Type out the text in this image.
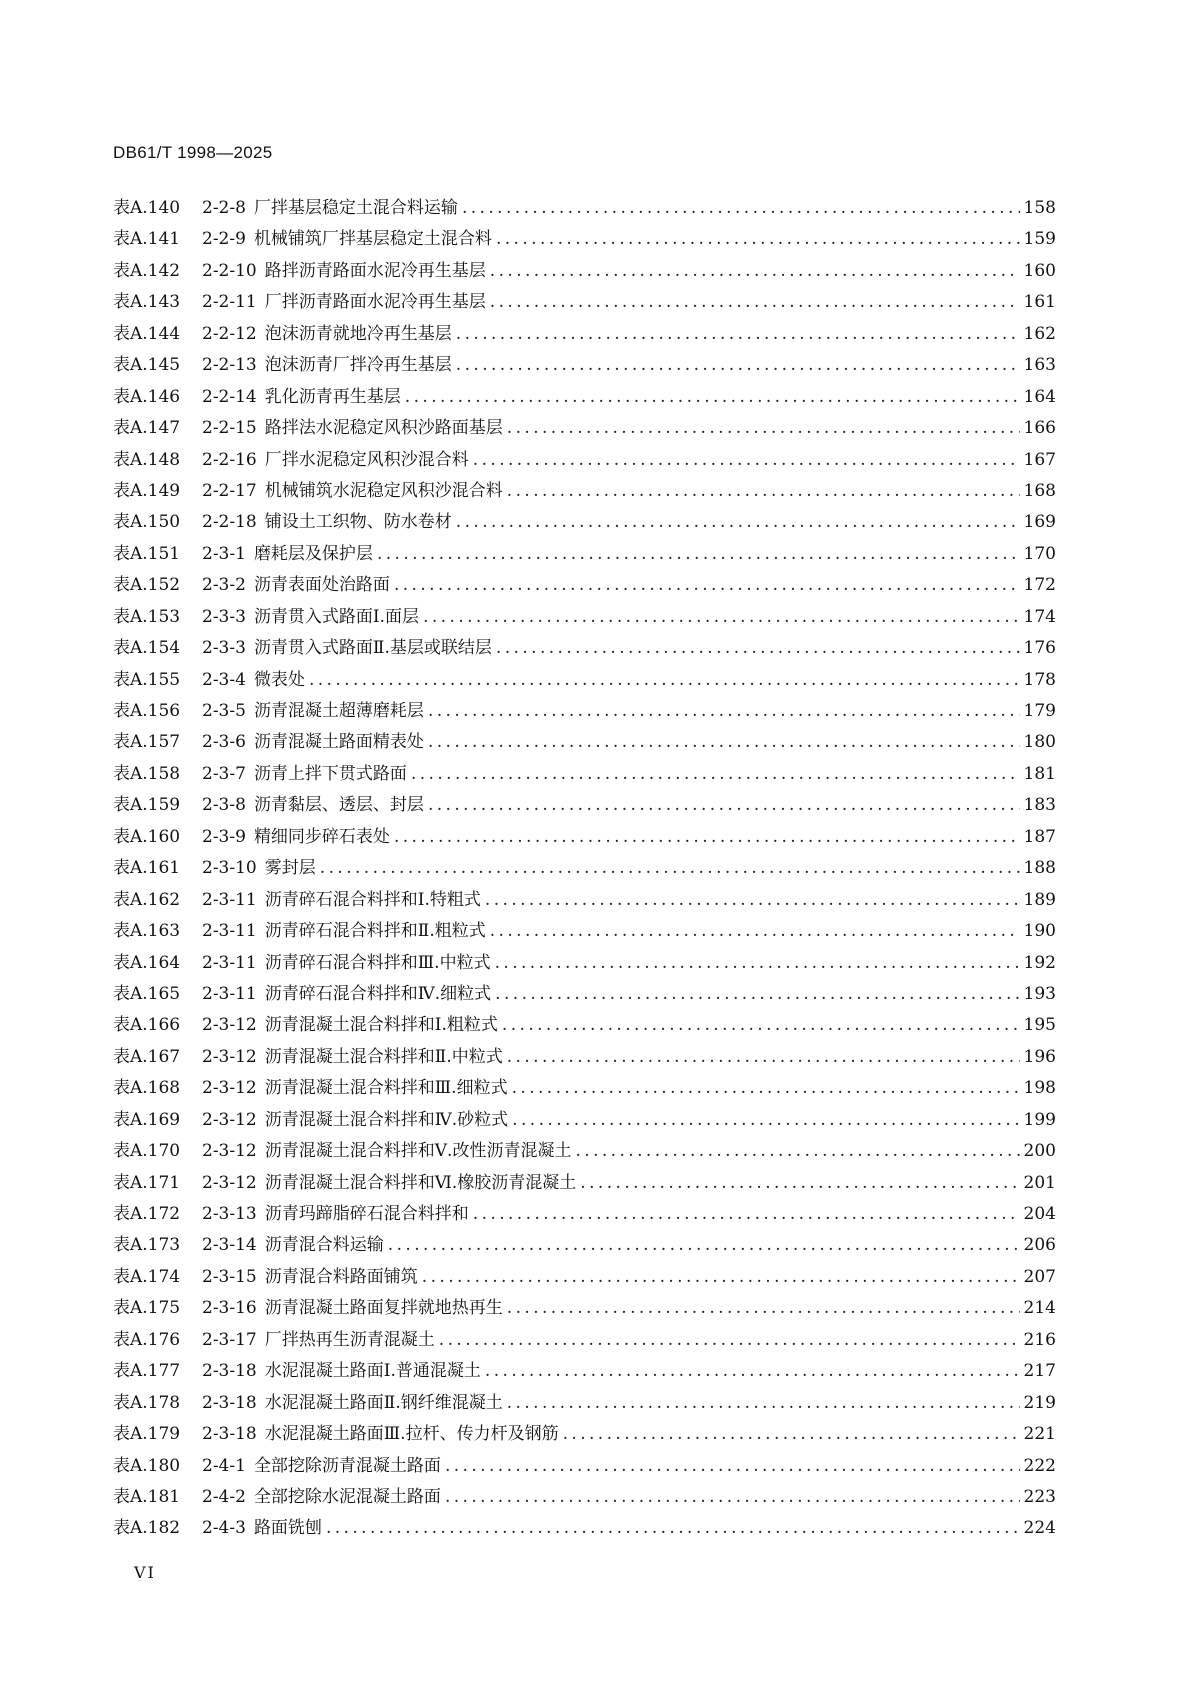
DB61/T 1998—2025
表A.140	2-2-8 厂拌基层稳定土混合料运输 . . .	158
表A.141	2-2-9 机械铺筑厂拌基层稳定土混合料 . . .	159
表A.142	2-2-10 路拌沥青路面水泥冷再生基层 . . .	160
表A.143	2-2-11 厂拌沥青路面水泥冷再生基层 . . .	161
表A.144	2-2-12 泡沫沥青就地冷再生基层 . . .	162
表A.145	2-2-13 泡沫沥青厂拌冷再生基层 . . .	163
表A.146	2-2-14 乳化沥青再生基层 . . .	164
表A.147	2-2-15 路拌法水泥稳定风积沙路面基层 . . .	166
表A.148	2-2-16 厂拌水泥稳定风积沙混合料 . . .	167
表A.149	2-2-17 机械铺筑水泥稳定风积沙混合料 . . .	168
表A.150	2-2-18 铺设土工织物、防水卷材 . . .	169
表A.151	2-3-1 磨耗层及保护层 . . .	170
表A.152	2-3-2 沥青表面处治路面 . . .	172
表A.153	2-3-3 沥青贯入式路面Ⅰ.面层 . . .	174
表A.154	2-3-3 沥青贯入式路面Ⅱ.基层或联结层 . . .	176
表A.155	2-3-4 微表处 . . .	178
表A.156	2-3-5 沥青混凝土超薄磨耗层 . . .	179
表A.157	2-3-6 沥青混凝土路面精表处 . . .	180
表A.158	2-3-7 沥青上拌下贯式路面 . . .	181
表A.159	2-3-8 沥青黏层、透层、封层 . . .	183
表A.160	2-3-9 精细同步碎石表处 . . .	187
表A.161	2-3-10 雾封层 . . .	188
表A.162	2-3-11 沥青碎石混合料拌和Ⅰ.特粗式 . . .	189
表A.163	2-3-11 沥青碎石混合料拌和Ⅱ.粗粒式 . . .	190
表A.164	2-3-11 沥青碎石混合料拌和Ⅲ.中粒式 . . .	192
表A.165	2-3-11 沥青碎石混合料拌和Ⅳ.细粒式 . . .	193
表A.166	2-3-12 沥青混凝土混合料拌和Ⅰ.粗粒式 . . .	195
表A.167	2-3-12 沥青混凝土混合料拌和Ⅱ.中粒式 . . .	196
表A.168	2-3-12 沥青混凝土混合料拌和Ⅲ.细粒式 . . .	198
表A.169	2-3-12 沥青混凝土混合料拌和Ⅳ.砂粒式 . . .	199
表A.170	2-3-12 沥青混凝土混合料拌和Ⅴ.改性沥青混凝土 . . .	200
表A.171	2-3-12 沥青混凝土混合料拌和Ⅵ.橡胶沥青混凝土 . . .	201
表A.172	2-3-13 沥青玛蹄脂碎石混合料拌和 . . .	204
表A.173	2-3-14 沥青混合料运输 . . .	206
表A.174	2-3-15 沥青混合料路面铺筑 . . .	207
表A.175	2-3-16 沥青混凝土路面复拌就地热再生 . . .	214
表A.176	2-3-17 厂拌热再生沥青混凝土 . . .	216
表A.177	2-3-18 水泥混凝土路面Ⅰ.普通混凝土 . . .	217
表A.178	2-3-18 水泥混凝土路面Ⅱ.钢纤维混凝土 . . .	219
表A.179	2-3-18 水泥混凝土路面Ⅲ.拉杆、传力杆及钢筋 . . .	221
表A.180	2-4-1 全部挖除沥青混凝土路面 . . .	222
表A.181	2-4-2 全部挖除水泥混凝土路面 . . .	223
表A.182	2-4-3 路面铣刨 . . .	224
VI
